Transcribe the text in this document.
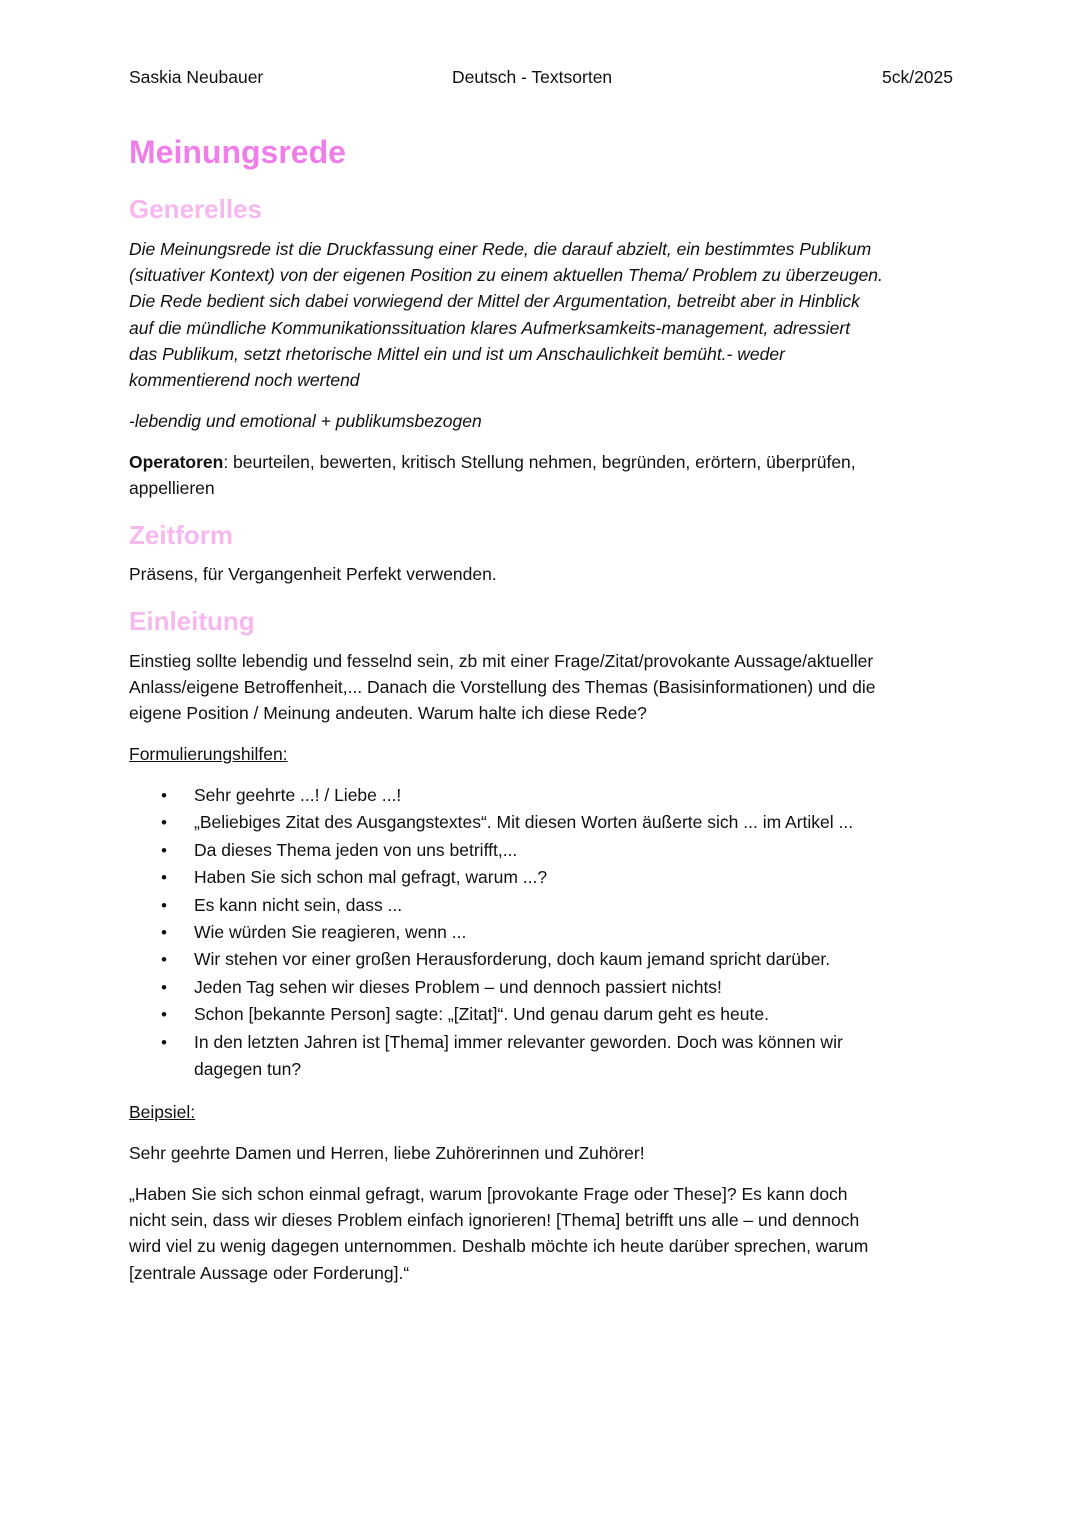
Saskia Neubauer	Deutsch - Textsorten	5ck/2025
Meinungsrede
Generelles
Die Meinungsrede ist die Druckfassung einer Rede, die darauf abzielt, ein bestimmtes Publikum
(situativer Kontext) von der eigenen Position zu einem aktuellen Thema/ Problem zu überzeugen.
Die Rede bedient sich dabei vorwiegend der Mittel der Argumentation, betreibt aber in Hinblick
auf die mündliche Kommunikationssituation klares Aufmerksamkeits-management, adressiert
das Publikum, setzt rhetorische Mittel ein und ist um Anschaulichkeit bemüht.- weder
kommentierend noch wertend
-lebendig und emotional + publikumsbezogen
Operatoren: beurteilen, bewerten, kritisch Stellung nehmen, begründen, erörtern, überprüfen,
appellieren
Zeitform
Präsens, für Vergangenheit Perfekt verwenden.
Einleitung
Einstieg sollte lebendig und fesselnd sein, zb mit einer Frage/Zitat/provokante Aussage/aktueller
Anlass/eigene Betroffenheit,... Danach die Vorstellung des Themas (Basisinformationen) und die
eigene Position / Meinung andeuten. Warum halte ich diese Rede?
Formulierungshilfen:
• Sehr geehrte ...! / Liebe ...!
• „Beliebiges Zitat des Ausgangstextes“. Mit diesen Worten äußerte sich ... im Artikel ...
• Da dieses Thema jeden von uns betrifft,...
• Haben Sie sich schon mal gefragt, warum ...?
• Es kann nicht sein, dass ...
• Wie würden Sie reagieren, wenn ...
• Wir stehen vor einer großen Herausforderung, doch kaum jemand spricht darüber.
• Jeden Tag sehen wir dieses Problem – und dennoch passiert nichts!
• Schon [bekannte Person] sagte: „[Zitat]“. Und genau darum geht es heute.
• In den letzten Jahren ist [Thema] immer relevanter geworden. Doch was können wir dagegen tun?
Beipsiel:
Sehr geehrte Damen und Herren, liebe Zuhörerinnen und Zuhörer!
„Haben Sie sich schon einmal gefragt, warum [provokante Frage oder These]? Es kann doch
nicht sein, dass wir dieses Problem einfach ignorieren! [Thema] betrifft uns alle – und dennoch
wird viel zu wenig dagegen unternommen. Deshalb möchte ich heute darüber sprechen, warum
[zentrale Aussage oder Forderung].“
